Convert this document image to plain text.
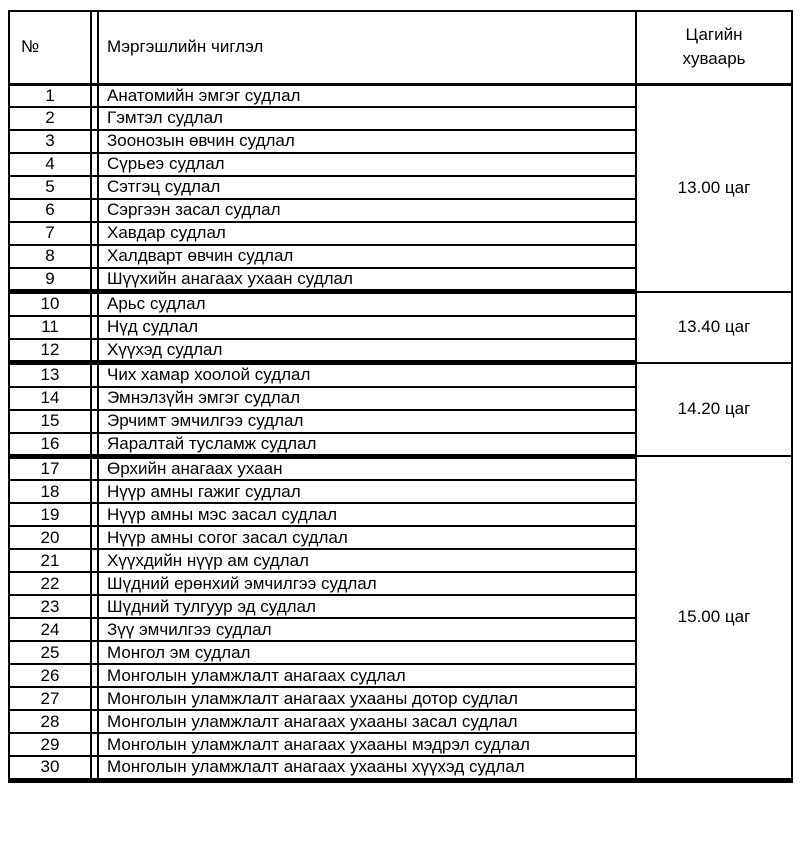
№		Мэргэшлийн чиглэл	Цагийн хуваарь

1		Анатомийн эмгэг судлал	13.00 цаг
2		Гэмтэл судлал	
3		Зоонозын өвчин судлал	
4		Сүрьеэ судлал	
5		Сэтгэц судлал	
6		Сэргээн засал судлал	
7		Хавдар судлал	
8		Халдварт өвчин судлал	
9		Шүүхийн анагаах ухаан судлал	
10		Арьс судлал	13.40 цаг
11		Нүд судлал	
12		Хүүхэд судлал	
13		Чих хамар хоолой судлал	14.20 цаг
14		Эмнэлзүйн эмгэг судлал	
15		Эрчимт эмчилгээ судлал	
16		Яаралтай тусламж судлал	
17		Өрхийн анагаах ухаан	15.00 цаг
18		Нүүр амны гажиг судлал	
19		Нүүр амны мэс засал судлал	
20		Нүүр амны согог засал судлал	
21		Хүүхдийн нүүр ам судлал	
22		Шүдний ерөнхий эмчилгээ судлал	
23		Шүдний тулгуур эд судлал	
24		Зүү эмчилгээ судлал	
25		Монгол эм судлал	
26		Монголын уламжлалт анагаах судлал	
27		Монголын уламжлалт анагаах ухааны дотор судлал	
28		Монголын уламжлалт анагаах ухааны засал судлал	
29		Монголын уламжлалт анагаах ухааны мэдрэл судлал	
30		Монголын уламжлалт анагаах ухааны хүүхэд судлал	
